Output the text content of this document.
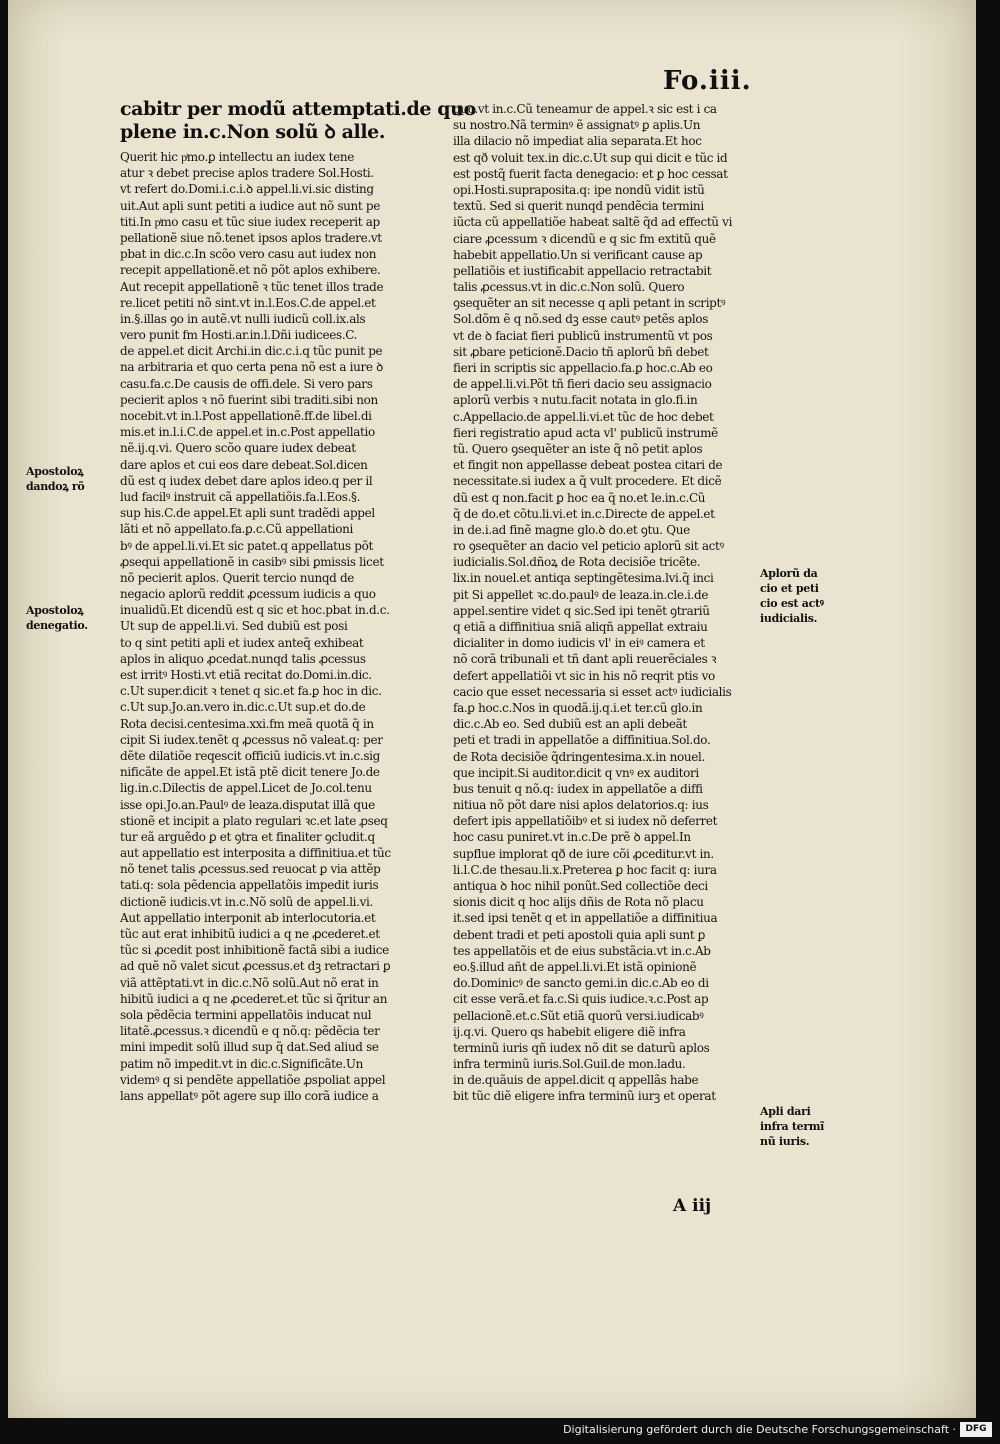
Fo.iii.
cabitr per modũ attemptati.de quo
plene in.c.Non solũ ꝺ alle.
Querit hic pͥmo.ꝑ intellectu an iudex tene
atur ꝛ debet precise aplos tradere Sol.Hosti.
vt refert do.Domi.i.c.i.ꝺ appel.li.vi.sic disting
uit.Aut apli sunt petiti a iudice aut nõ sunt pe
titi.In pͥmo casu et tũc siue iudex receperit ap
pellationẽ siue nõ.tenet ipsos aplos tradere.vt
pbat in dic.c.In scõo vero casu aut iudex non
recepit appellationẽ.et nõ põt aplos exhibere.
Aut recepit appellationẽ ꝛ tũc tenet illos trade
re.licet petiti nõ sint.vt in.l.Eos.C.de appel.et
in.§.illas ꝯo in autẽ.vt nulli iudicũ coll.ix.als
vero punit fm Hosti.ar.in.l.Dñi iudicees.C.
de appel.et dicit Archi.in dic.c.i.q tũc punit pe
na arbitraria et quo certa pena nõ est a iure ꝺ
casu.fa.c.De causis de offi.dele. Si vero pars
pecierit aplos ꝛ nõ fuerint sibi traditi.sibi non
nocebit.vt in.l.Post appellationẽ.ff.de libel.di
mis.et in.l.i.C.de appel.et in.c.Post appellatio
nẽ.ij.q.vi. Quero scõo quare iudex debeat
dare aplos et cui eos dare debeat.Sol.dicen
dũ est q iudex debet dare aplos ideo.q per il
lud facilꝰ instruit cã appellatiõis.fa.l.Eos.§.
sup his.C.de appel.Et apli sunt tradẽdi appel
lãti et nõ appellato.fa.ꝑ.c.Cũ appellationi
bꝰ de appel.li.vi.Et sic patet.q appellatus põt
ꝓsequi appellationẽ in casibꝰ sibi ꝑmissis licet
nõ pecierit aplos. Querit tercio nunqd de
negacio aplorũ reddit ꝓcessum iudicis a quo
inualidũ.Et dicendũ est q sic et hoc.pbat in.d.c.
Ut sup de appel.li.vi. Sed dubiũ est posi
to q sint petiti apli et iudex anteq̃ exhibeat
aplos in aliquo ꝓcedat.nunqd talis ꝓcessus
est irritꝰ Hosti.vt etiã recitat do.Domi.in.dic.
c.Ut super.dicit ꝛ tenet q sic.et fa.ꝑ hoc in dic.
c.Ut sup.Jo.an.vero in.dic.c.Ut sup.et do.de
Rota decisi.centesima.xxi.fm meã quotã q̃ in
cipit Si iudex.tenẽt q ꝓcessus nõ valeat.q: per
dẽte dilatiõe reqescit officiũ iudicis.vt in.c.sig
nificãte de appel.Et istã ptẽ dicit tenere Jo.de
lig.in.c.Dilectis de appel.Licet de Jo.col.tenu
isse opi.Jo.an.Paulꝰ de leaza.disputat illã que
stionẽ et incipit a plato regulari ꝛc.et late ꝓseq
tur eã arguẽdo ꝑ et ꝯtra et finaliter ꝯcludit.q
aut appellatio est interposita a diffinitiua.et tũc
nõ tenet talis ꝓcessus.sed reuocat ꝑ via attẽp
tati.q: sola pẽdencia appellatõis impedit iuris
dictionẽ iudicis.vt in.c.Nõ solũ de appel.li.vi.
Aut appellatio interponit ab interlocutoria.et
tũc aut erat inhibitũ iudici a q ne ꝓcederet.et
tũc si ꝓcedit post inhibitionẽ factã sibi a iudice
ad quẽ nõ valet sicut ꝓcessus.et dꝫ retractari ꝑ
viã attẽptati.vt in dic.c.Nõ solũ.Aut nõ erat in
hibitũ iudici a q ne ꝓcederet.et tũc si q̃ritur an
sola pẽdẽcia termini appellatõis inducat nul
litatẽ.ꝓcessus.ꝛ dicendũ e q nõ.q: pẽdẽcia ter
mini impedit solũ illud sup q̃ dat.Sed aliud se
patim nõ impedit.vt in dic.c.Significãte.Un
videmꝰ q si pendẽte appellatiõe ꝓspoliat appel
lans appellatꝰ põt agere sup illo corã iudice a
quo.vt in.c.Cũ teneamur de appel.ꝛ sic est i ca
su nostro.Nã terminꝰ ẽ assignatꝰ ꝑ aplis.Un
illa dilacio nõ impediat alia separata.Et hoc
est qð voluit tex.in dic.c.Ut sup qui dicit e tũc id
est postq̃ fuerit facta denegacio: et ꝑ hoc cessat
opi.Hosti.supraposita.q: ipe nondũ vidit istũ
textũ. Sed si querit nunqd pendẽcia termini
iũcta cũ appellatiõe habeat saltẽ q̃d ad effectũ vi
ciare ꝓcessum ꝛ dicendũ e q sic fm extitũ quẽ
habebit appellatio.Un si verificant cause ap
pellatiõis et iustificabit appellacio retractabit
talis ꝓcessus.vt in dic.c.Non solũ. Quero
ꝯsequẽter an sit necesse q apli petant in scriptꝰ
Sol.dõm ẽ q nõ.sed dꝫ esse cautꝰ petẽs aplos
vt de ꝺ faciat fieri publicũ instrumentũ vt pos
sit ꝓbare peticionẽ.Dacio tñ aplorũ bñ debet
fieri in scriptis sic appellacio.fa.ꝑ hoc.c.Ab eo
de appel.li.vi.Põt tñ fieri dacio seu assignacio
aplorũ verbis ꝛ nutu.facit notata in glo.fi.in
c.Appellacio.de appel.li.vi.et tũc de hoc debet
fieri registratio apud acta vl' publicũ instrumẽ
tũ. Quero ꝯsequẽter an iste q̃ nõ petit aplos
et fingit non appellasse debeat postea citari de
necessitate.si iudex a q̃ vult procedere. Et dicẽ
dũ est q non.facit ꝑ hoc ea q̃ no.et le.in.c.Cũ
q̃ de do.et cõtu.li.vi.et in.c.Directe de appel.et
in de.i.ad finẽ magne glo.ꝺ do.et ꝯtu. Que
ro ꝯsequẽter an dacio vel peticio aplorũ sit actꝰ
iudicialis.Sol.dñoꝝ de Rota decisiõe tricẽte.
lix.in nouel.et antiqa septingẽtesima.lvi.q̃ inci
pit Si appellet ꝛc.do.paulꝰ de leaza.in.cle.i.de
appel.sentire videt q sic.Sed ipi tenẽt ꝯtrariũ
q etiã a diffinitiua sniã aliqñ appellat extraiu
dicialiter in domo iudicis vl' in eiꝰ camera et
nõ corã tribunali et tñ dant apli reuerẽciales ꝛ
defert appellatiõi vt sic in his nõ reqrit ptis vo
cacio que esset necessaria si esset actꝰ iudicialis
fa.ꝑ hoc.c.Nos in quodã.ij.q.i.et ter.cũ glo.in
dic.c.Ab eo. Sed dubiũ est an apli debeãt
peti et tradi in appellatõe a diffinitiua.Sol.do.
de Rota decisiõe q̃dringentesima.x.in nouel.
que incipit.Si auditor.dicit q vnꝰ ex auditori
bus tenuit q nõ.q: iudex in appellatõe a diffi
nitiua nõ põt dare nisi aplos delatorios.q: ius
defert ipis appellatiõibꝰ et si iudex nõ deferret
hoc casu puniret.vt in.c.De prẽ ꝺ appel.In
supflue implorat qð de iure cõi ꝓceditur.vt in.
li.l.C.de thesau.li.x.Preterea ꝑ hoc facit q: iura
antiqua ꝺ hoc nihil ponũt.Sed collectiõe deci
sionis dicit q hoc alijs dñis de Rota nõ placu
it.sed ipsi tenẽt q et in appellatiõe a diffinitiua
debent tradi et peti apostoli quia apli sunt ꝑ
tes appellatõis et de eius substãcia.vt in.c.Ab
eo.§.illud añt de appel.li.vi.Et istã opinionẽ
do.Dominicꝰ de sancto gemi.in dic.c.Ab eo di
cit esse verã.et fa.c.Si quis iudice.ꝛ.c.Post ap
pellacionẽ.et.c.Sũt etiã quorũ versi.iudicabꝰ
ij.q.vi. Quero qs habebit eligere diẽ infra
terminũ iuris qñ iudex nõ dit se daturũ aplos
infra terminũ iuris.Sol.Guil.de mon.ladu.
in de.quãuis de appel.dicit q appellãs habe
bit tũc diẽ eligere infra terminũ iurꝫ et operat
Apostoloꝝ
dandoꝝ rõ
Apostoloꝝ
denegatio.
Aplorũ da
cio et peti
cio est actꝰ
iudicialis.
Apli dari
infra termĩ
nũ iuris.
A iij
Digitalisierung gefördert durch die Deutsche Forschungsgemeinschaft ·	DFG
